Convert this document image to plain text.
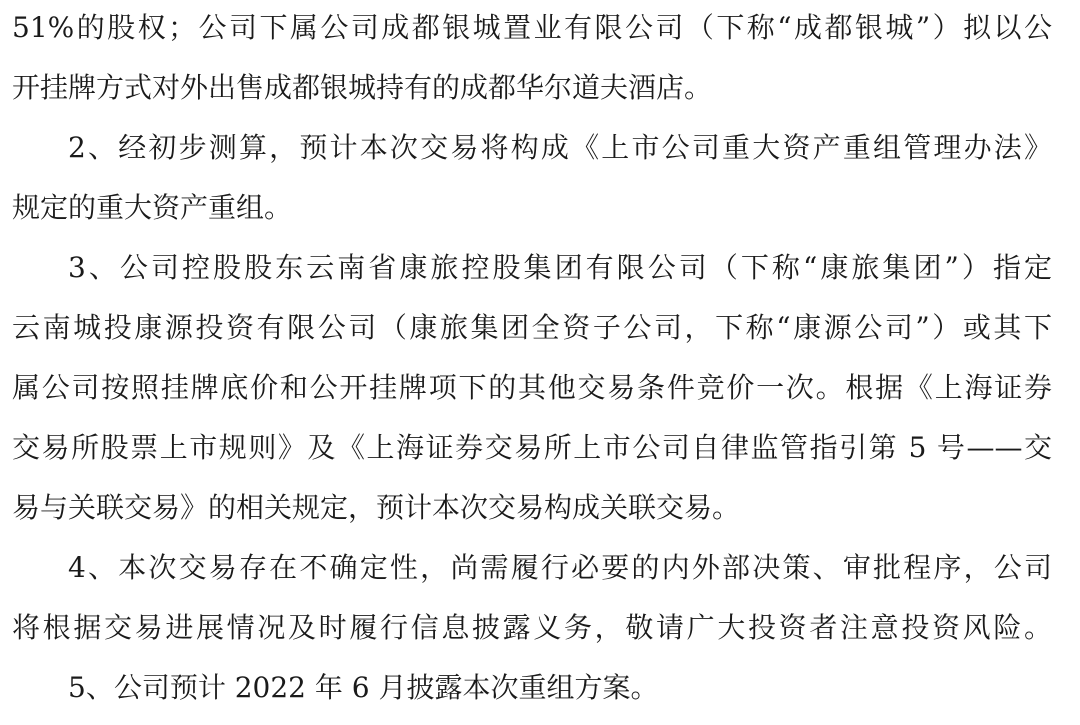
51%的股权；公司下属公司成都银城置业有限公司（下称“成都银城”）拟以公
开挂牌方式对外出售成都银城持有的成都华尔道夫酒店。
2、经初步测算，预计本次交易将构成《上市公司重大资产重组管理办法》
规定的重大资产重组。
3、公司控股股东云南省康旅控股集团有限公司（下称“康旅集团”）指定
云南城投康源投资有限公司（康旅集团全资子公司，下称“康源公司”）或其下
属公司按照挂牌底价和公开挂牌项下的其他交易条件竞价一次。根据《上海证券
交易所股票上市规则》及《上海证券交易所上市公司自律监管指引第 5 号——交
易与关联交易》的相关规定，预计本次交易构成关联交易。
4、本次交易存在不确定性，尚需履行必要的内外部决策、审批程序，公司
将根据交易进展情况及时履行信息披露义务，敬请广大投资者注意投资风险。
5、公司预计 2022 年 6 月披露本次重组方案。
